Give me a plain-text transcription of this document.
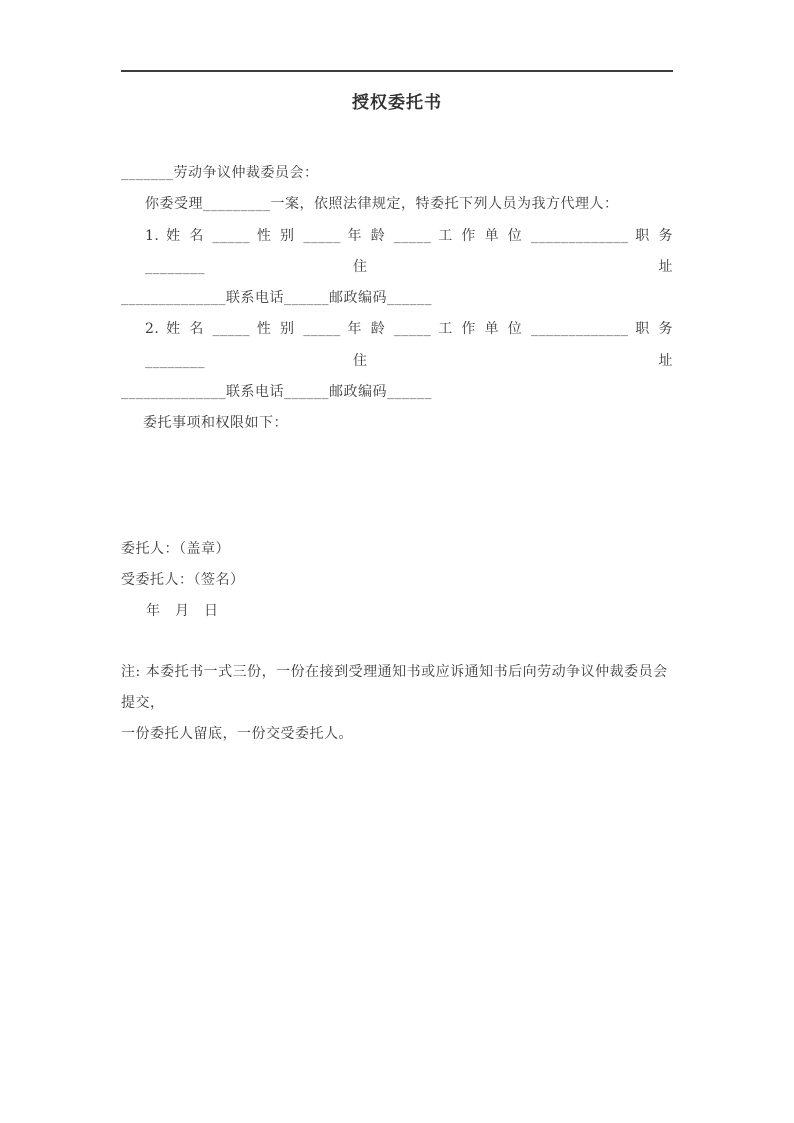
授权委托书

_______劳动争议仲裁委员会：

你委受理_________一案，依照法律规定，特委托下列人员为我方代理人：

1. 姓 名 _____ 性 别 _____ 年 龄 _____ 工 作 单 位 _____________ 职 务 ________ 住 址

______________联系电话______邮政编码______

2. 姓 名 _____ 性 别 _____ 年 龄 _____ 工 作 单 位 _____________ 职 务 ________ 住 址

______________联系电话______邮政编码______

委托事项和权限如下：

委托人：（盖章）

受委托人：（签名）

年　月　日

注: 本委托书一式三份，一份在接到受理通知书或应诉通知书后向劳动争议仲裁委员会提交，

一份委托人留底，一份交受委托人。
